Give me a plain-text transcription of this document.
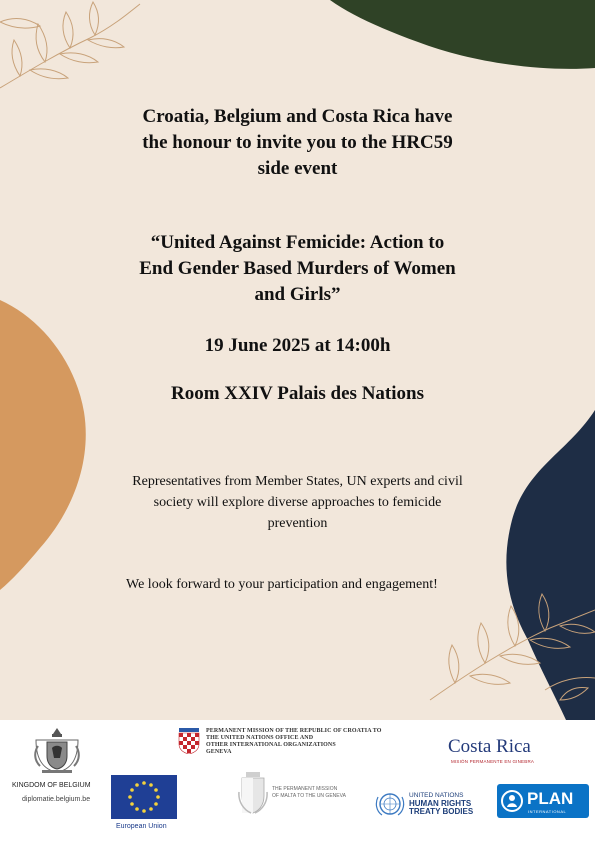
Croatia, Belgium and Costa Rica have
the honour to invite you to the HRC59
side event
“United Against Femicide: Action to
End Gender Based Murders of Women
and Girls”
19 June 2025 at 14:00h
Room XXIV Palais des Nations
Representatives from Member States, UN experts and civil
society will explore diverse approaches to femicide
prevention
We look forward to your participation and engagement!
KINGDOM OF BELGIUM
diplomatie.belgium.be
PERMANENT MISSION OF THE REPUBLIC OF CROATIA TO
THE UNITED NATIONS OFFICE AND
OTHER INTERNATIONAL ORGANIZATIONS
GENEVA	Costa Rica
MISIÓN PERMANENTE EN GINEBRA
European Union
THE PERMANENT MISSION
OF MALTA TO THE UN GENEVA	UNITED NATIONS
HUMAN RIGHTS
TREATY BODIES
PLAN
INTERNATIONAL
